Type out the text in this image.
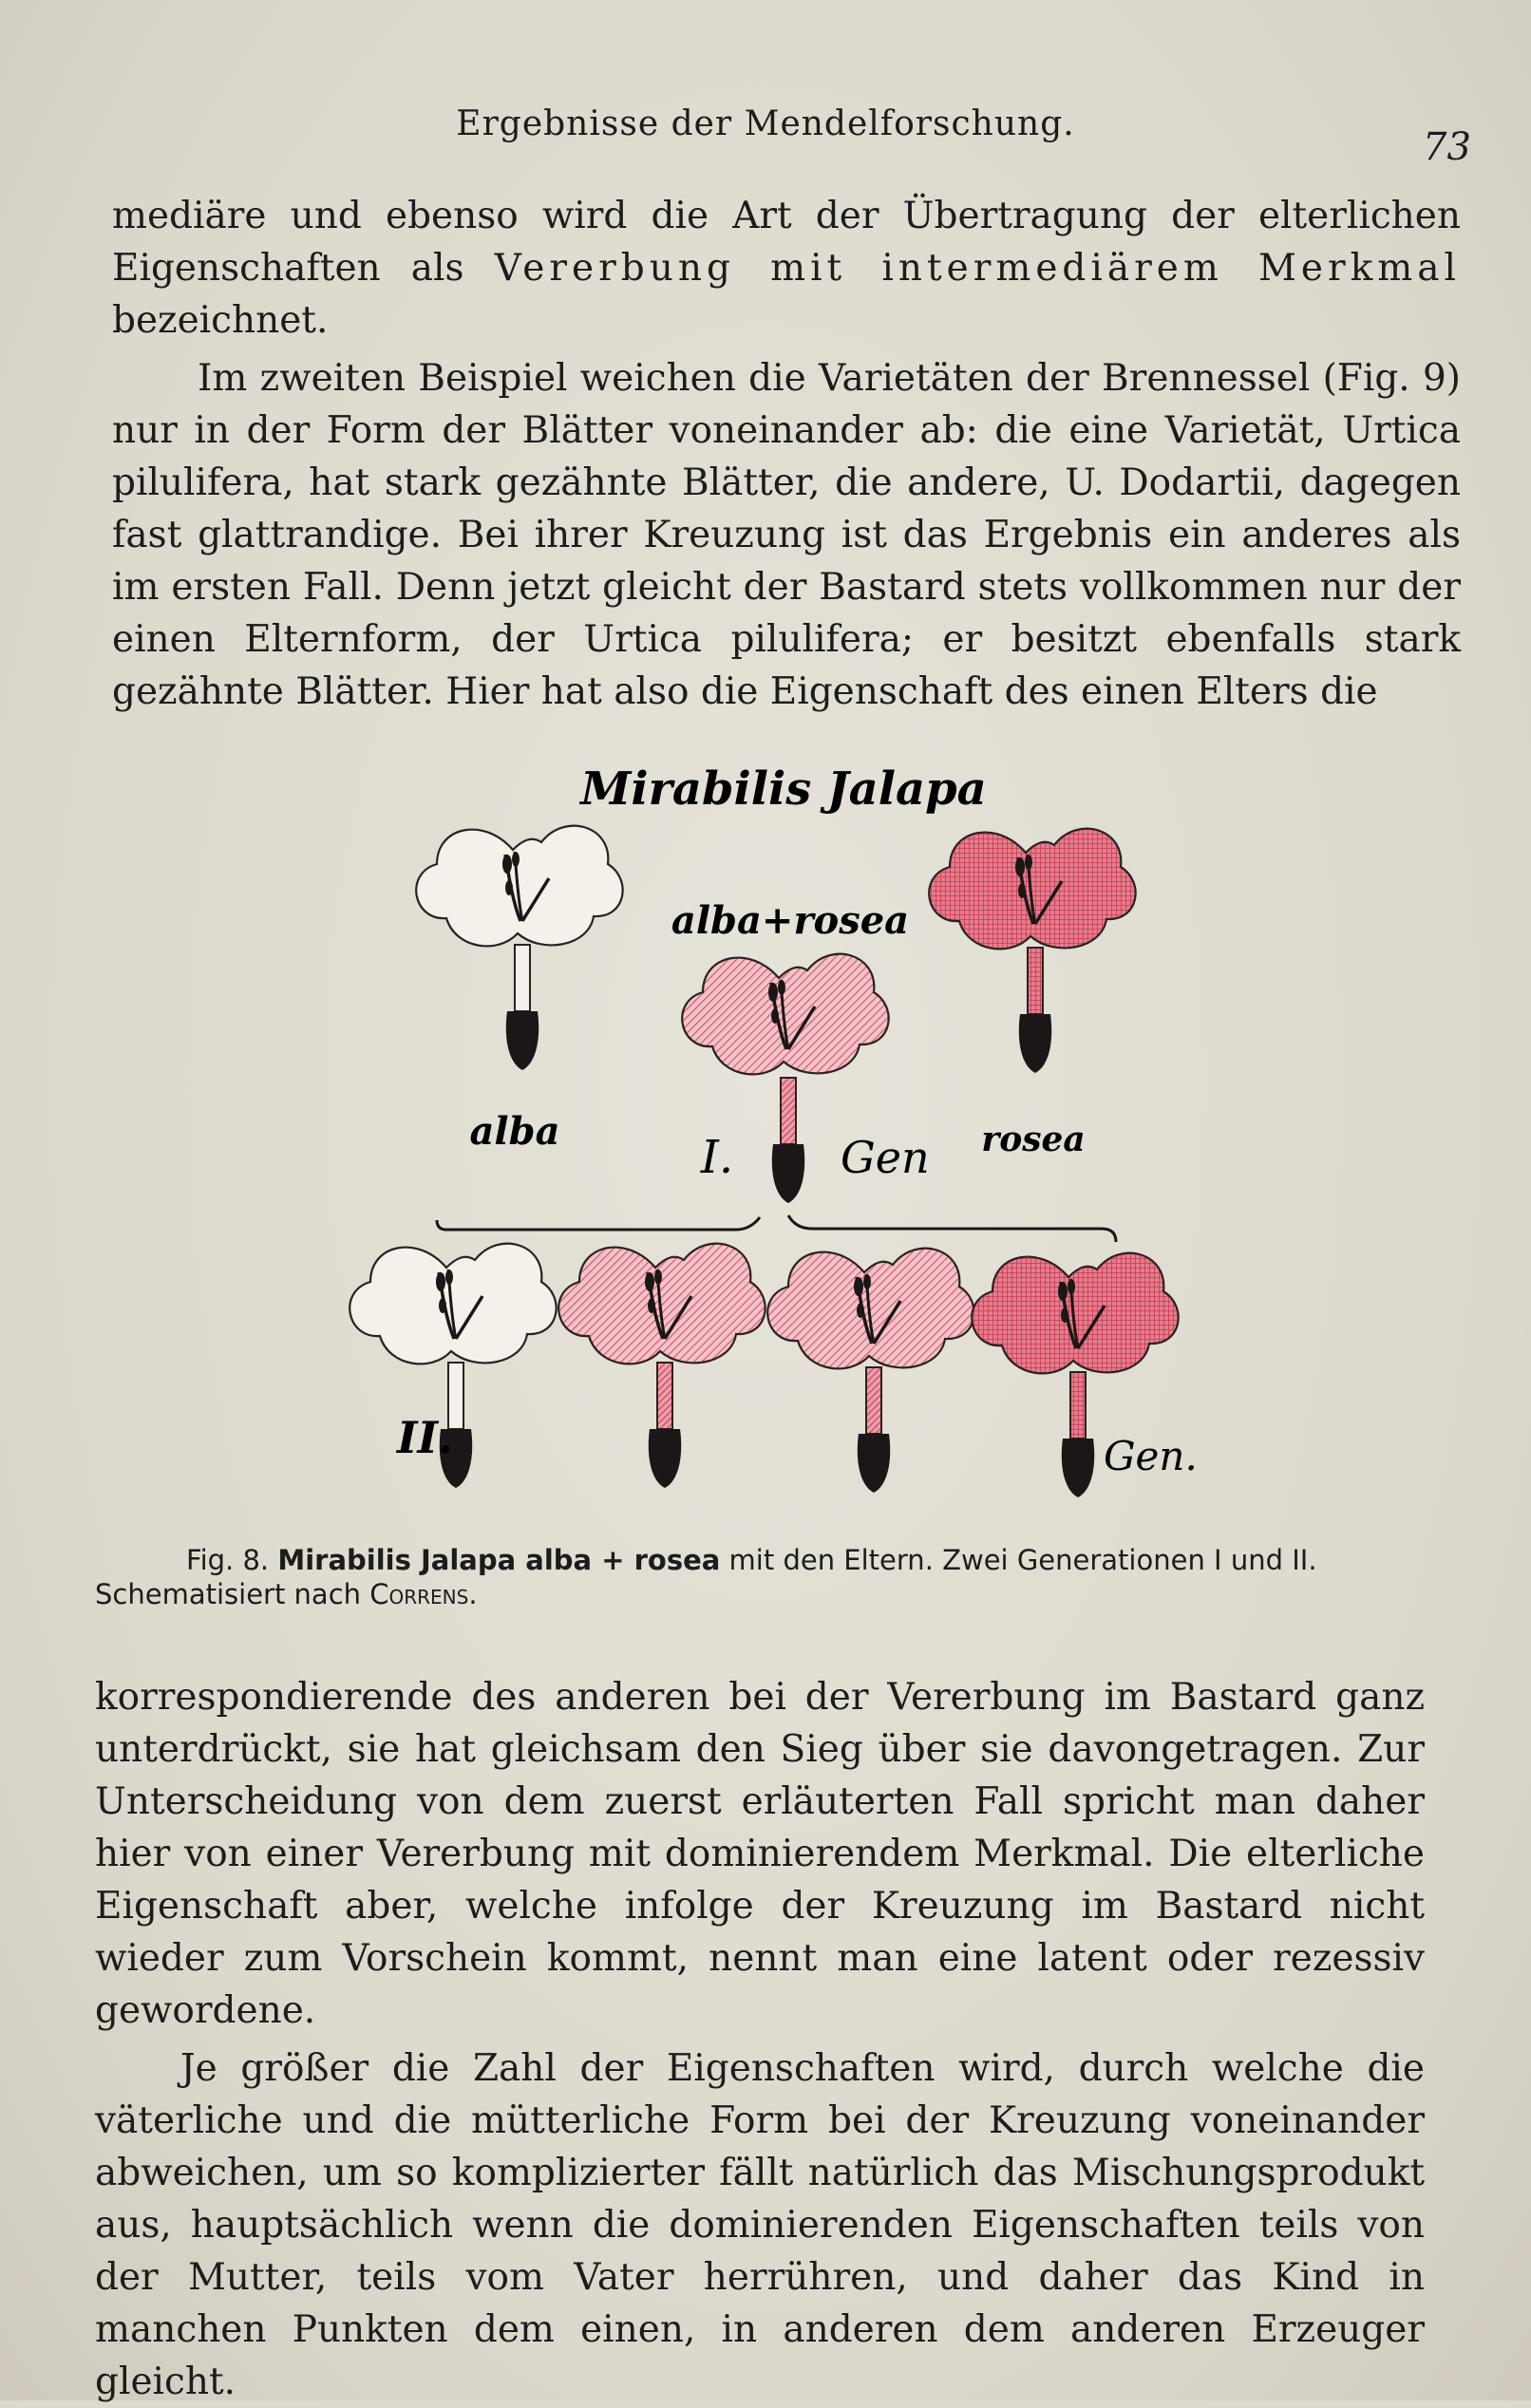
Ergebnisse der Mendelforschung.
73

mediäre und ebenso wird die Art der Übertragung der elterlichen Eigenschaften als Vererbung mit intermediärem Merkmal bezeichnet.

Im zweiten Beispiel weichen die Varietäten der Brennessel (Fig. 9) nur in der Form der Blätter voneinander ab: die eine Varietät, Urtica pilulifera, hat stark gezähnte Blätter, die andere, U. Dodartii, dagegen fast glattrandige. Bei ihrer Kreuzung ist das Ergebnis ein anderes als im ersten Fall. Denn jetzt gleicht der Bastard stets vollkommen nur der einen Elternform, der Urtica pilulifera; er besitzt ebenfalls stark gezähnte Blätter. Hier hat also die Eigenschaft des einen Elters die

Mirabilis Jalapa
alba	rosea
alba+rosea
I. Gen
II.	Gen.
Fig. 8. Mirabilis Jalapa alba + rosea mit den Eltern. Zwei Generationen I und II. Schematisiert nach Correns.

korrespondierende des anderen bei der Vererbung im Bastard ganz unterdrückt, sie hat gleichsam den Sieg über sie davongetragen. Zur Unterscheidung von dem zuerst erläuterten Fall spricht man daher hier von einer Vererbung mit dominierendem Merkmal. Die elterliche Eigenschaft aber, welche infolge der Kreuzung im Bastard nicht wieder zum Vorschein kommt, nennt man eine latent oder rezessiv gewordene.

Je größer die Zahl der Eigenschaften wird, durch welche die väterliche und die mütterliche Form bei der Kreuzung voneinander abweichen, um so komplizierter fällt natürlich das Mischungsprodukt aus, hauptsächlich wenn die dominierenden Eigenschaften teils von der Mutter, teils vom Vater herrühren, und daher das Kind in manchen Punkten dem einen, in anderen dem anderen Erzeuger gleicht.
